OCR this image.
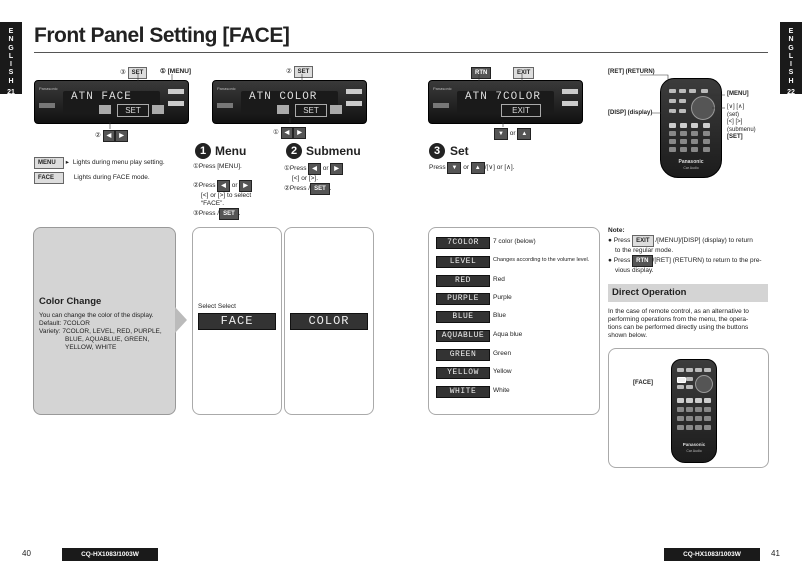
E
N
G
L
I
S
H
21
E
N
G
L
I
S
H
22
Front Panel Setting [FACE]
③ SET	① [MENU]
Panasonic
ATN FACE
SET
② ◀ ▶
② SET
Panasonic
ATN COLOR
SET
① ◀ ▶
RTN	EXIT
Panasonic
ATN 7COLOR
EXIT
▼ or ▲
MENU ▸ Lights during menu play setting.
FACE	Lights during FACE mode.
1 Menu
①Press [MENU].
②Press ◀ or ▶
[<] or [>] to select
“FACE”.
③Press SET .
2 Submenu
①Press ◀ or ▶
[<] or [>].
②Press SET .
3 Set
Press ▼ or ▲ /[∨] or [∧].
[RET] (RETURN)
[DISP] (display)
[MENU]
[∨] [∧]
(set)
[<] [>]
(submenu)
[SET]
Panasonic
Car Audio
Color Change
You can change the color of the display.
Default: 7COLOR
Variety: 7COLOR, LEVEL, RED, PURPLE,
BLUE, AQUABLUE, GREEN,
YELLOW, WHITE
Select Select
FACE	COLOR
7COLOR	7 color (below)
LEVEL	Changes according to the volume level.
RED	Red
PURPLE	Purple
BLUE	Blue
AQUABLUE	Aqua blue
GREEN	Green
YELLOW	Yellow
WHITE	White
Note:
● Press EXIT /[MENU]/[DISP] (display) to return
to the regular mode.
● Press RTN /[RET] (RETURN) to return to the pre-
vious display.
Direct Operation
In the case of remote control, as an alternative to
performing operations from the menu, the opera-
tions can be performed directly using the buttons
shown below.
[FACE]
Panasonic
Car Audio
40	CQ-HX1083/1003W	CQ-HX1083/1003W	41
